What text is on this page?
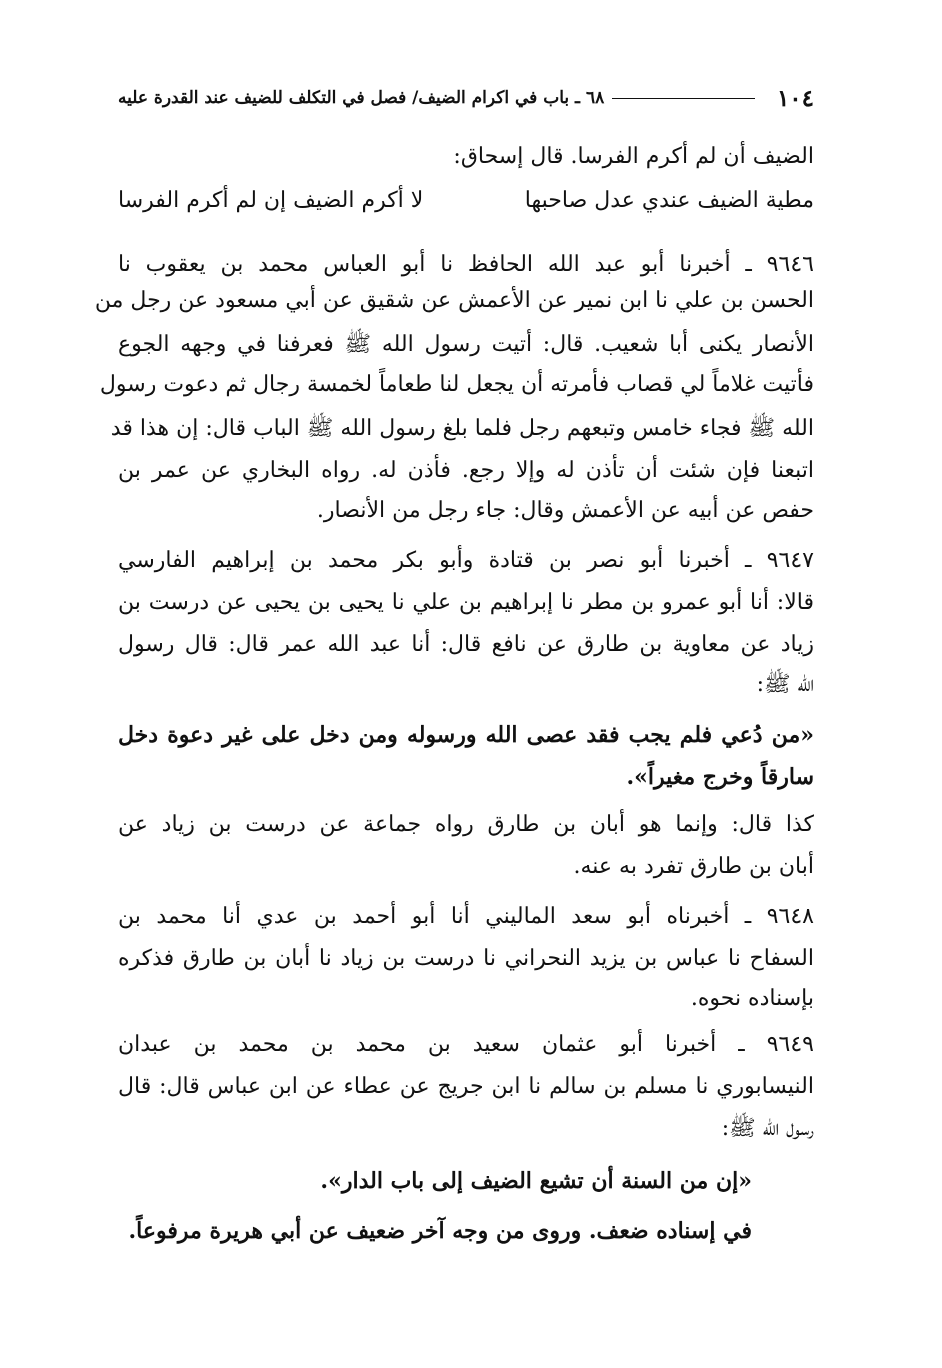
١٠٤
٦٨ ـ باب في اكرام الضيف/ فصل في التكلف للضيف عند القدرة عليه
الضيف أن لم أكرم الفرسا. قال إسحاق:
مطية الضيف عندي عدل صاحبها
لا أكرم الضيف إن لم أكرم الفرسا
٩٦٤٦ ـ أخبرنا أبو عبد الله الحافظ نا أبو العباس محمد بن يعقوب نا
الحسن بن علي نا ابن نمير عن الأعمش عن شقيق عن أبي مسعود عن رجل من
الأنصار يكنى أبا شعيب. قال: أتيت رسول الله ﷺ فعرفنا في وجهه الجوع
فأتيت غلاماً لي قصاب فأمرته أن يجعل لنا طعاماً لخمسة رجال ثم دعوت رسول
الله ﷺ فجاء خامس وتبعهم رجل فلما بلغ رسول الله ﷺ الباب قال: إن هذا قد
اتبعنا فإن شئت أن تأذن له وإلا رجع. فأذن له. رواه البخاري عن عمر بن
حفص عن أبيه عن الأعمش وقال: جاء رجل من الأنصار.
٩٦٤٧ ـ أخبرنا أبو نصر بن قتادة وأبو بكر محمد بن إبراهيم الفارسي
قالا: أنا أبو عمرو بن مطر نا إبراهيم بن علي نا يحيى بن يحيى عن درست بن
زياد عن معاوية بن طارق عن نافع قال: أنا عبد الله عمر قال: قال رسول
الله ﷺ:
«من دُعي فلم يجب فقد عصى الله ورسوله ومن دخل على غير دعوة دخل
سارقاً وخرج مغيراً».
كذا قال: وإنما هو أبان بن طارق رواه جماعة عن درست بن زياد عن
أبان بن طارق تفرد به عنه.
٩٦٤٨ ـ أخبرناه أبو سعد الماليني أنا أبو أحمد بن عدي أنا محمد بن
السفاح نا عباس بن يزيد النحراني نا درست بن زياد نا أبان بن طارق فذكره
بإسناده نحوه.
٩٦٤٩ ـ أخبرنا أبو عثمان سعيد بن محمد بن محمد بن عبدان
النيسابوري نا مسلم بن سالم نا ابن جريج عن عطاء عن ابن عباس قال: قال
رسول الله ﷺ:
«إن من السنة أن تشيع الضيف إلى باب الدار».
في إسناده ضعف. وروى من وجه آخر ضعيف عن أبي هريرة مرفوعاً.
